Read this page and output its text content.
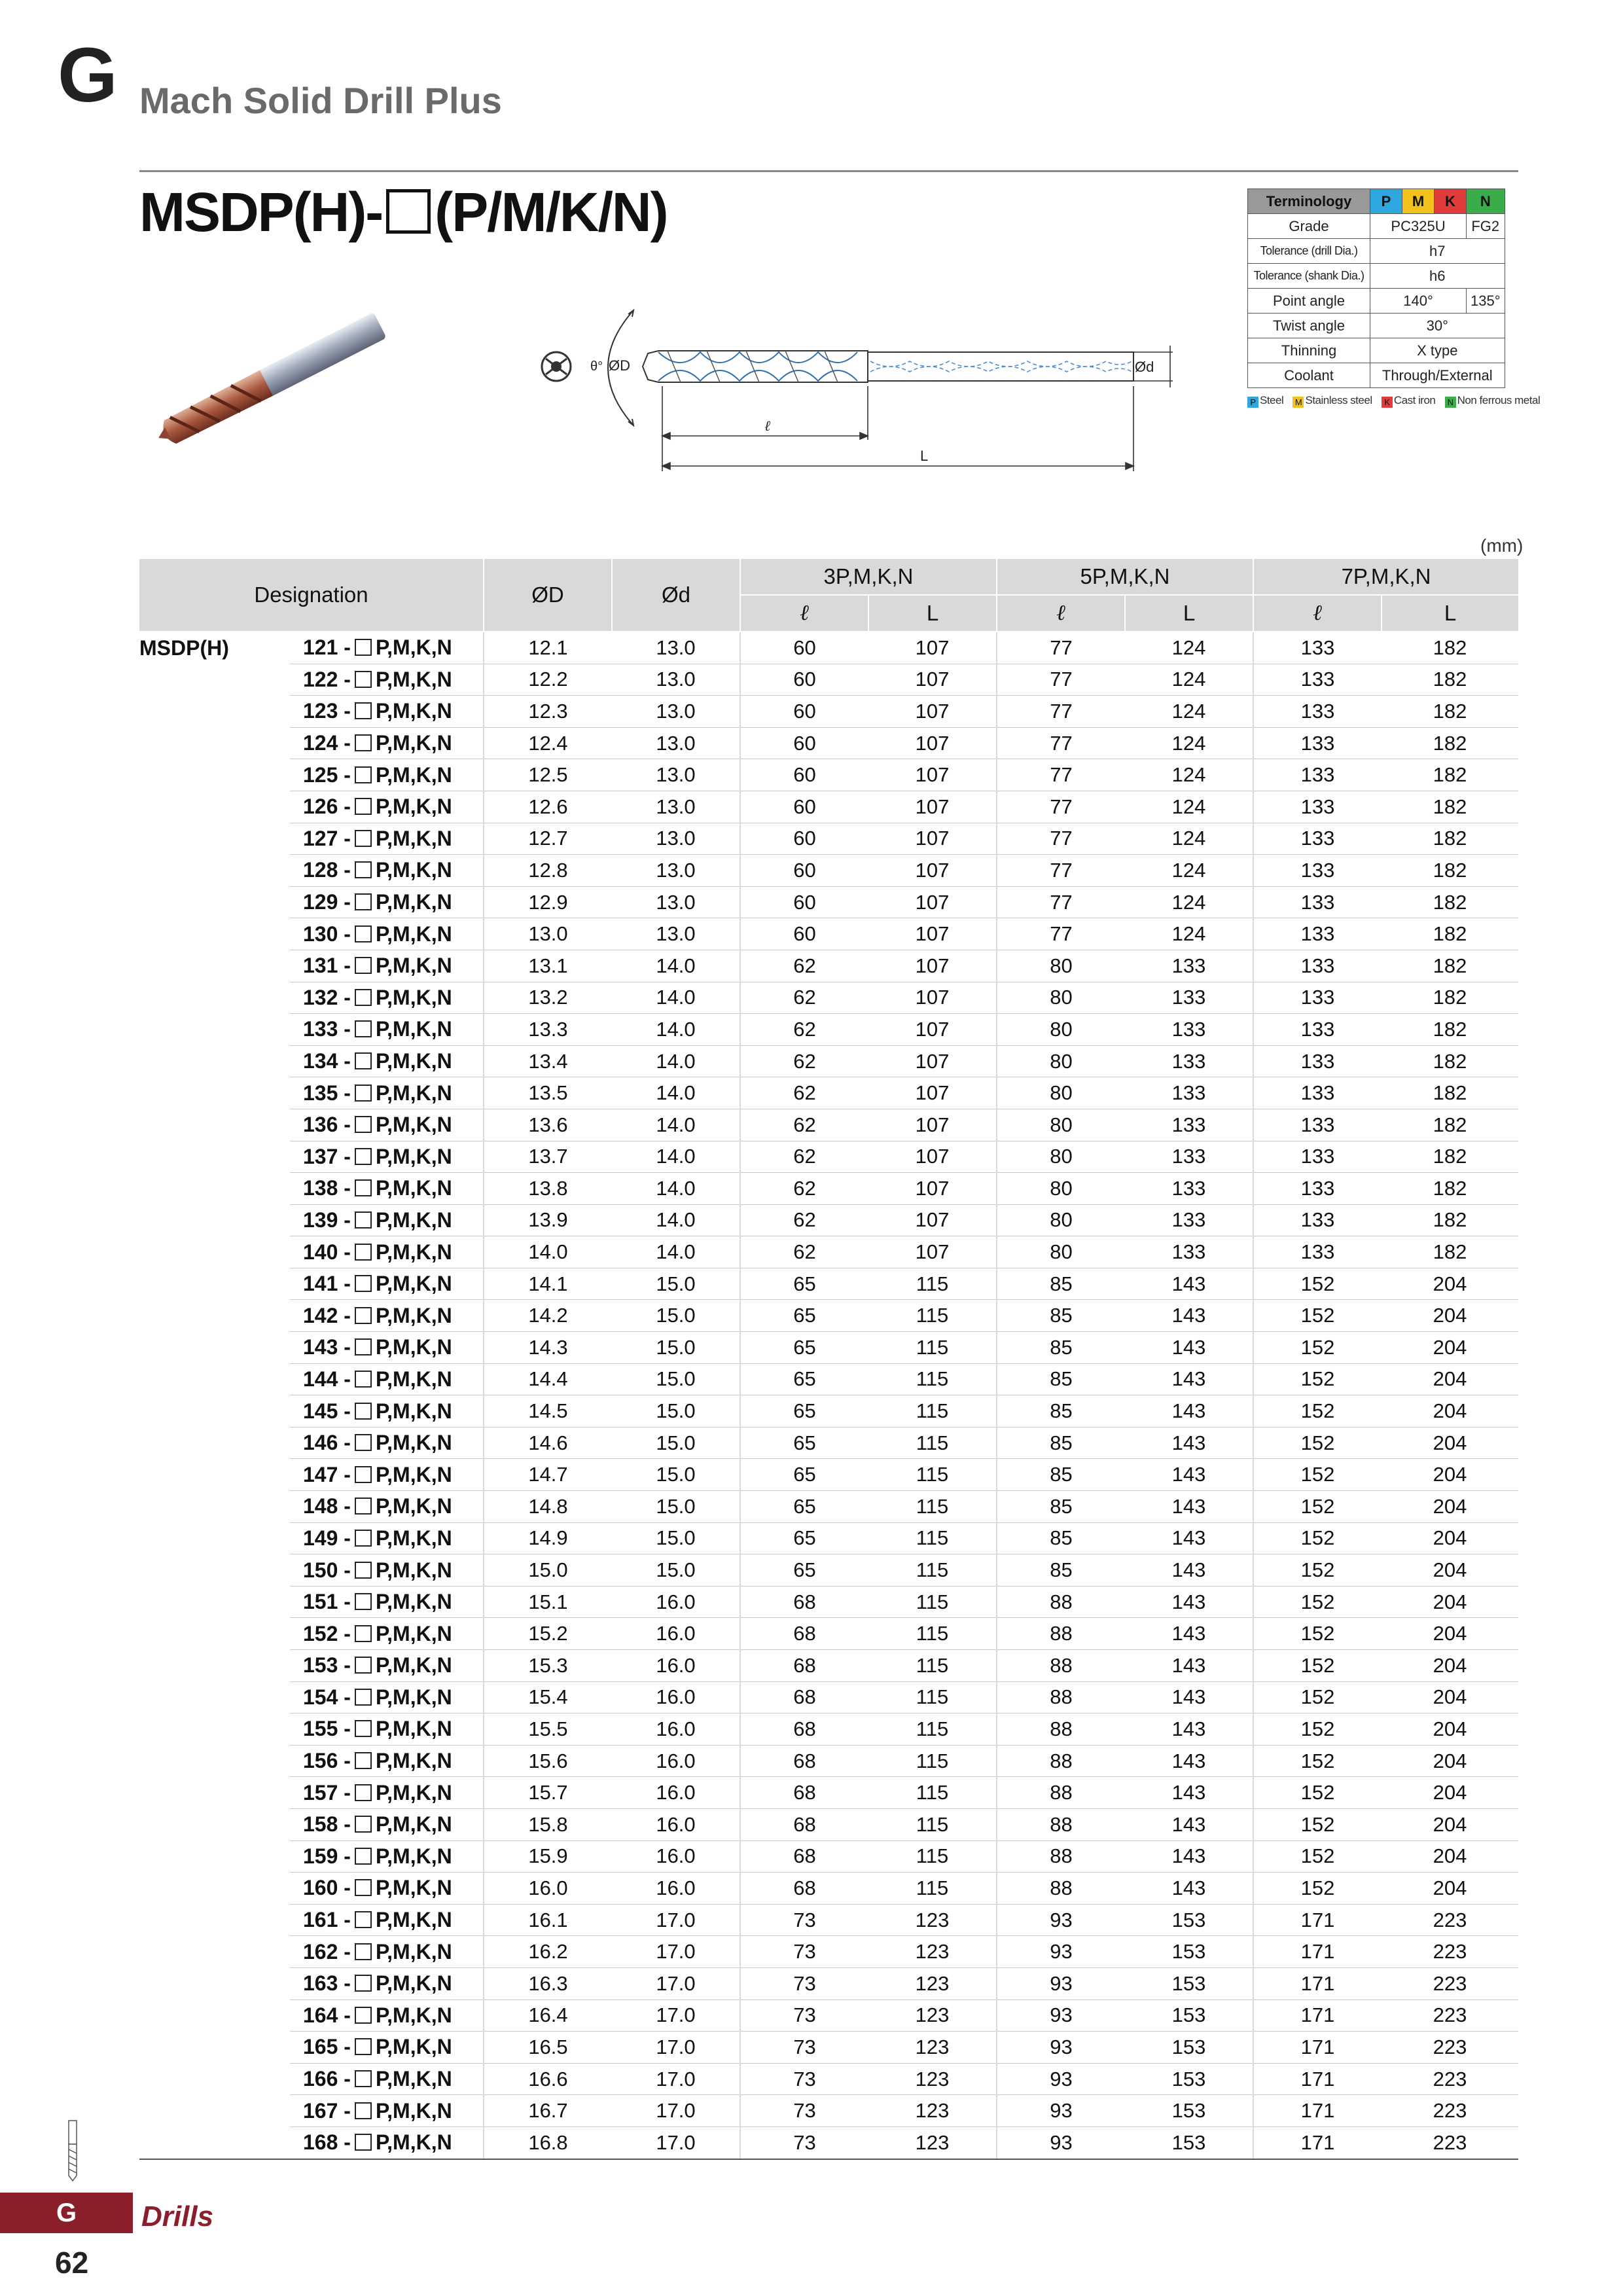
G Mach Solid Drill Plus
MSDP(H)- (P/M/K/N)	Terminology	P	M	K	N
Grade	PC325U			FG2
Tolerance (drill Dia.)	h7			
Tolerance (shank Dia.)	h6			
Point angle	140°			135°
Twist angle	30°			
Thinning	X type			
Coolant	Through/External			
P Steel M Stainless steel K Cast iron N Non ferrous metal
θ° ØD	Ød
ℓ
L
(mm)
Designation		ØD	Ød	3P,M,K,N		5P,M,K,N		7P,M,K,N	
				ℓ	L	ℓ	L	ℓ	L
MSDP(H)	121 - P,M,K,N	12.1	13.0	60	107	77	124	133	182
	122 - P,M,K,N	12.2	13.0	60	107	77	124	133	182
	123 - P,M,K,N	12.3	13.0	60	107	77	124	133	182
	124 - P,M,K,N	12.4	13.0	60	107	77	124	133	182
	125 - P,M,K,N	12.5	13.0	60	107	77	124	133	182
	126 - P,M,K,N	12.6	13.0	60	107	77	124	133	182
	127 - P,M,K,N	12.7	13.0	60	107	77	124	133	182
	128 - P,M,K,N	12.8	13.0	60	107	77	124	133	182
	129 - P,M,K,N	12.9	13.0	60	107	77	124	133	182
	130 - P,M,K,N	13.0	13.0	60	107	77	124	133	182
	131 - P,M,K,N	13.1	14.0	62	107	80	133	133	182
	132 - P,M,K,N	13.2	14.0	62	107	80	133	133	182
	133 - P,M,K,N	13.3	14.0	62	107	80	133	133	182
	134 - P,M,K,N	13.4	14.0	62	107	80	133	133	182
	135 - P,M,K,N	13.5	14.0	62	107	80	133	133	182
	136 - P,M,K,N	13.6	14.0	62	107	80	133	133	182
	137 - P,M,K,N	13.7	14.0	62	107	80	133	133	182
	138 - P,M,K,N	13.8	14.0	62	107	80	133	133	182
	139 - P,M,K,N	13.9	14.0	62	107	80	133	133	182
	140 - P,M,K,N	14.0	14.0	62	107	80	133	133	182
	141 - P,M,K,N	14.1	15.0	65	115	85	143	152	204
	142 - P,M,K,N	14.2	15.0	65	115	85	143	152	204
	143 - P,M,K,N	14.3	15.0	65	115	85	143	152	204
	144 - P,M,K,N	14.4	15.0	65	115	85	143	152	204
	145 - P,M,K,N	14.5	15.0	65	115	85	143	152	204
	146 - P,M,K,N	14.6	15.0	65	115	85	143	152	204
	147 - P,M,K,N	14.7	15.0	65	115	85	143	152	204
	148 - P,M,K,N	14.8	15.0	65	115	85	143	152	204
	149 - P,M,K,N	14.9	15.0	65	115	85	143	152	204
	150 - P,M,K,N	15.0	15.0	65	115	85	143	152	204
	151 - P,M,K,N	15.1	16.0	68	115	88	143	152	204
	152 - P,M,K,N	15.2	16.0	68	115	88	143	152	204
	153 - P,M,K,N	15.3	16.0	68	115	88	143	152	204
	154 - P,M,K,N	15.4	16.0	68	115	88	143	152	204
	155 - P,M,K,N	15.5	16.0	68	115	88	143	152	204
	156 - P,M,K,N	15.6	16.0	68	115	88	143	152	204
	157 - P,M,K,N	15.7	16.0	68	115	88	143	152	204
	158 - P,M,K,N	15.8	16.0	68	115	88	143	152	204
	159 - P,M,K,N	15.9	16.0	68	115	88	143	152	204
	160 - P,M,K,N	16.0	16.0	68	115	88	143	152	204
	161 - P,M,K,N	16.1	17.0	73	123	93	153	171	223
	162 - P,M,K,N	16.2	17.0	73	123	93	153	171	223
	163 - P,M,K,N	16.3	17.0	73	123	93	153	171	223
	164 - P,M,K,N	16.4	17.0	73	123	93	153	171	223
	165 - P,M,K,N	16.5	17.0	73	123	93	153	171	223
	166 - P,M,K,N	16.6	17.0	73	123	93	153	171	223
	167 - P,M,K,N	16.7	17.0	73	123	93	153	171	223
	168 - P,M,K,N	16.8	17.0	73	123	93	153	171	223
G	Drills
62
